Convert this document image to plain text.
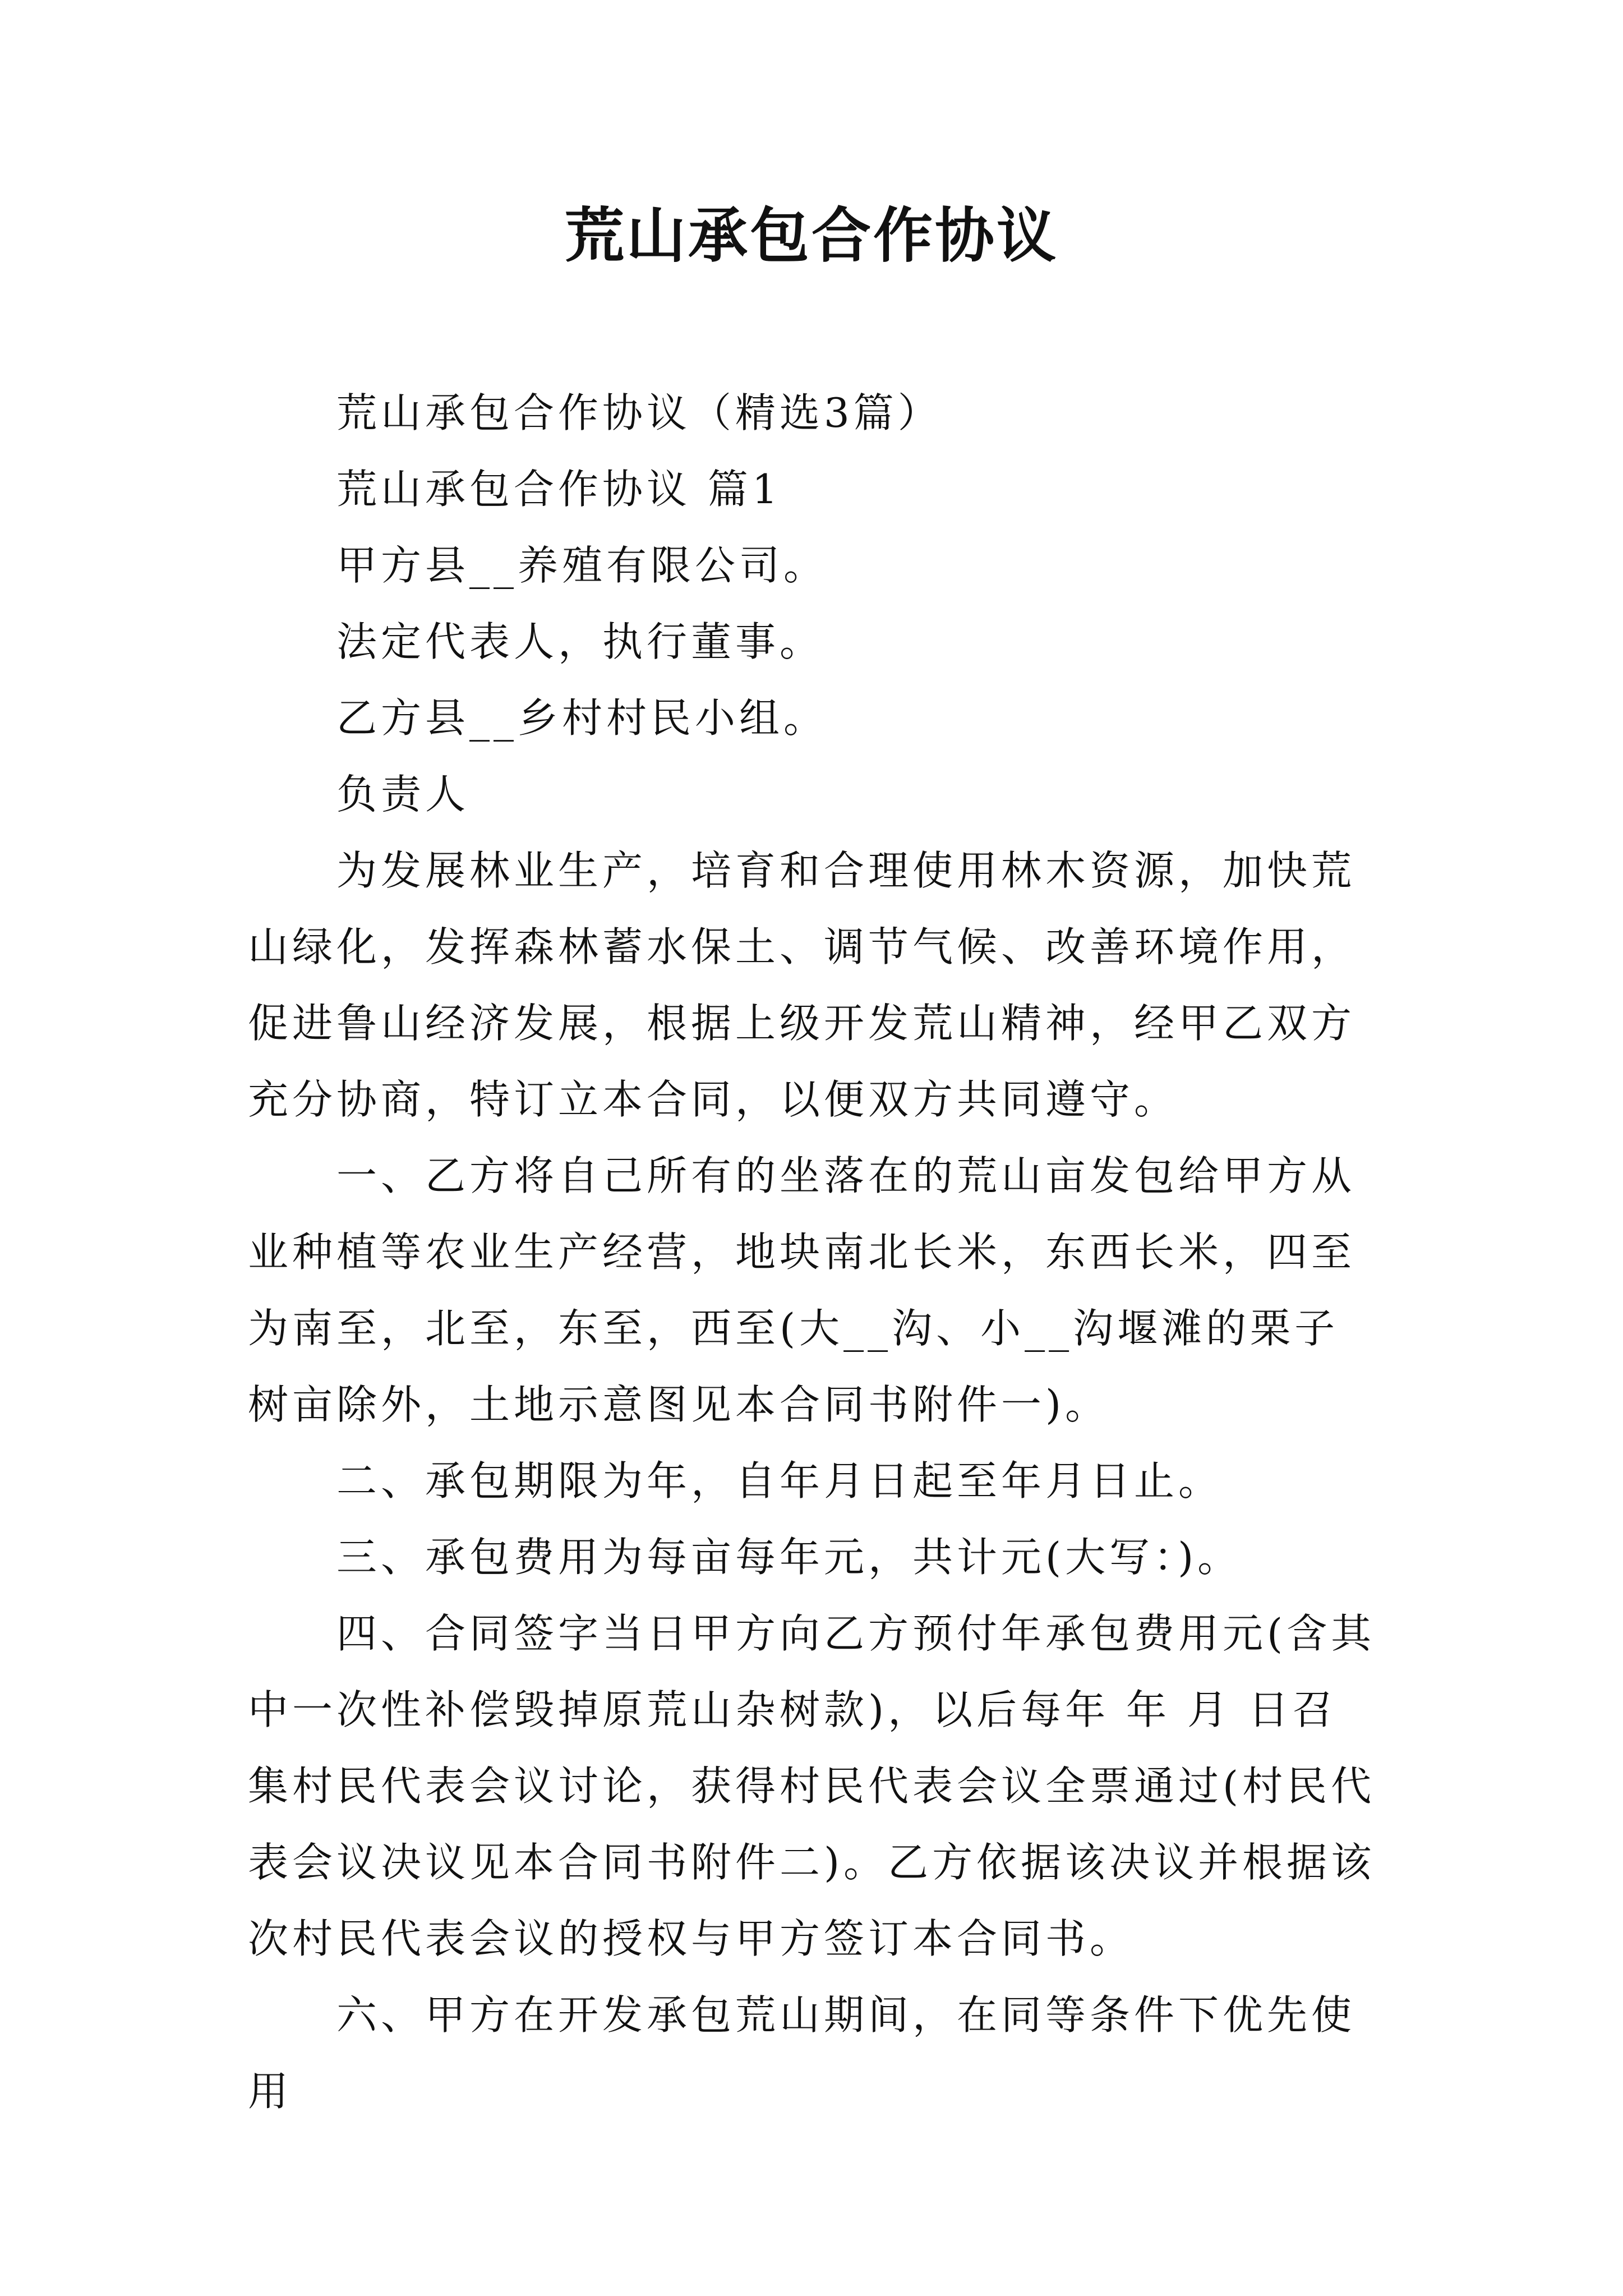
荒山承包合作协议

荒山承包合作协议（精选3篇）

荒山承包合作协议 篇1

甲方县__养殖有限公司。

法定代表人，执行董事。

乙方县__乡村村民小组。

负责人

为发展林业生产，培育和合理使用林木资源，加快荒山绿化，发挥森林蓄水保土、调节气候、改善环境作用，促进鲁山经济发展，根据上级开发荒山精神，经甲乙双方充分协商，特订立本合同，以便双方共同遵守。

一、乙方将自己所有的坐落在的荒山亩发包给甲方从业种植等农业生产经营，地块南北长米，东西长米，四至为南至，北至，东至，西至(大__沟、小__沟堰滩的栗子树亩除外，土地示意图见本合同书附件一)。

二、承包期限为年，自年月日起至年月日止。

三、承包费用为每亩每年元，共计元(大写：)。

四、合同签字当日甲方向乙方预付年承包费用元(含其中一次性补偿毁掉原荒山杂树款)，以后每年 年 月 日召集村民代表会议讨论，获得村民代表会议全票通过(村民代表会议决议见本合同书附件二)。乙方依据该决议并根据该次村民代表会议的授权与甲方签订本合同书。

六、甲方在开发承包荒山期间，在同等条件下优先使用
